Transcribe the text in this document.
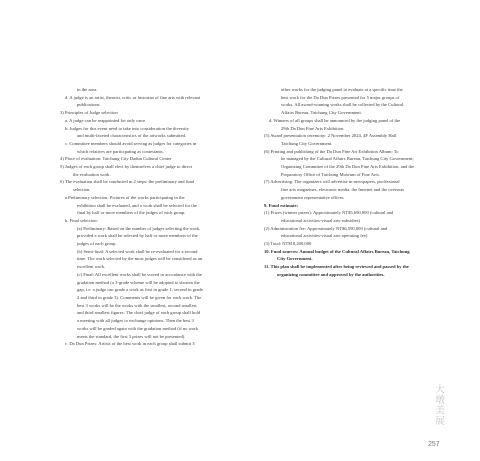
in the area.
d. A judge is an artist, theorist, critic or historian of fine arts with relevant
publications.
3) Principles of Judge selection
a. A judge can be reappointed for only once.
b. Judges for this event need to take into consideration the diversity
and multi-faceted characteristics of the artworks submitted.
c. Committee members should avoid serving as judges for categories in
which relatives are participating as contestants.
4) Place of evaluation: Taichung City Dadun Cultural Center
5) Judges of each group shall elect by themselves a chief judge to direct
the evaluation work.
6) The evaluation shall be conducted in 2 steps: the preliminary and final
selection.
a.Preliminary selection: Pictures of the works participating in the
exhibition shall be evaluated, and a work shall be selected for the
final by half or more members of the judges of each group.
b. Final selection:
(a) Preliminary: Based on the number of judges selecting the work,
provided a work shall be selected by half or more members of the
judges of each group.
(b) Semi-final: A selected work shall be re-evaluated for a second
time. The work selected by the most judges will be considered as an
excellent work.
(c) Final: All excellent works shall be scored in accordance with the
gradation method (a 3-grade scheme will be adopted to shorten the
gap, i.e. a judge can grade a work as first in grade 1, second in grade
2 and third in grade 3). Comments will be given for each work. The
best 3 works will be the works with the smallest, second smallest
and third smallest figures. The chief judge of each group shall hold
a meeting with all judges to exchange opinions. Then the best 3
works will be graded again with the gradation method (if no work
meets the standard, the first 3 prizes will not be presented).
c. Da Dun Prizes: Artists of the best work in each group shall submit 3
other works for the judging panel to evaluate at a specific time the
best work for the Da Dun Prizes presented for 5 major groups of
works. All award-winning works shall be collected by the Cultural
Affairs Bureau, Taichung City Government.
d. Winners of all groups shall be announced by the judging panel of the
29th Da Dun Fine Arts Exhibition.
(5) Award presentation ceremony: 2 November 2024, 4F Assembly Hall
Taichung City Government.
(6) Printing and publishing of the Da Dun Fine Art Exhibition Album: To
be managed by the Cultural Affairs Bureau, Taichung City Government;
Organizing Committee of the 29th Da Dun Fine Arts Exhibition, and the
Preparatory Office of Taichung Museum of Fine Arts.
(7) Advertising: The organizers will advertise in newspapers, professional
fine arts magazines, electronic media, the Internet and the overseas
government representative offices.
9. Fund estimate:
(1) Prizes (winner prizes): Approximately NT$5,690,000 (cultural and
educational activities-visual arts-subsidies)
(2) Administration fee: Approximately NT$6,590,000 (cultural and
educational activities-visual arts-operating fee)
(3) Total: NT$18,200,000
10. Fund sources: Annual budget of the Cultural Affairs Bureau, Taichung
City Government.
11. This plan shall be implemented after being reviewed and passed by the
organizing committee and approved by the authorities.
大墩美展
257
